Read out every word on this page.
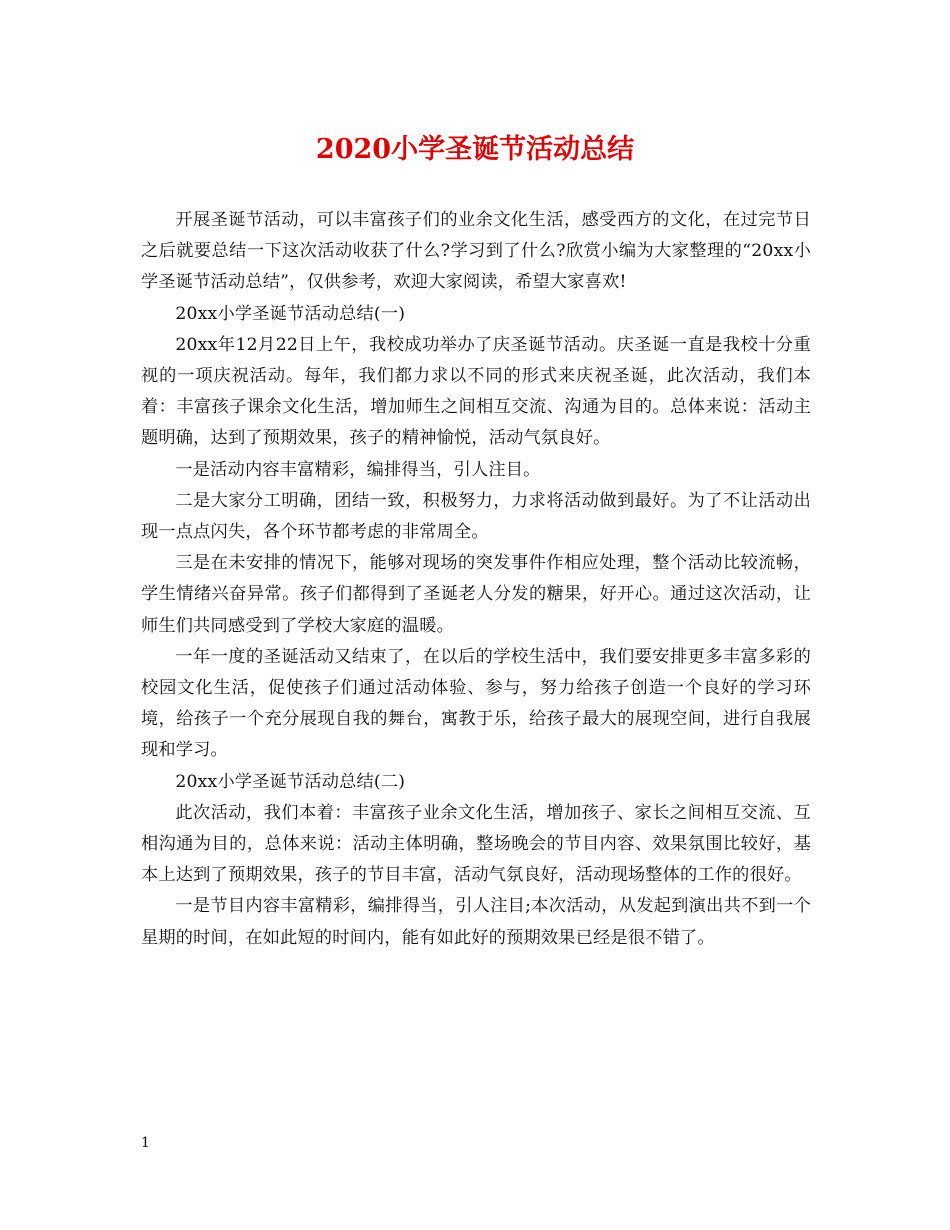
2020小学圣诞节活动总结

开展圣诞节活动，可以丰富孩子们的业余文化生活，感受西方的文化，在过完节日之后就要总结一下这次活动收获了什么?学习到了什么?欣赏小编为大家整理的“20xx小学圣诞节活动总结”，仅供参考，欢迎大家阅读，希望大家喜欢!

20xx小学圣诞节活动总结(一)

20xx年12月22日上午，我校成功举办了庆圣诞节活动。庆圣诞一直是我校十分重视的一项庆祝活动。每年，我们都力求以不同的形式来庆祝圣诞，此次活动，我们本着：丰富孩子课余文化生活，增加师生之间相互交流、沟通为目的。总体来说：活动主题明确，达到了预期效果，孩子的精神愉悦，活动气氛良好。

一是活动内容丰富精彩，编排得当，引人注目。

二是大家分工明确，团结一致，积极努力，力求将活动做到最好。为了不让活动出现一点点闪失，各个环节都考虑的非常周全。

三是在未安排的情况下，能够对现场的突发事件作相应处理，整个活动比较流畅，学生情绪兴奋异常。孩子们都得到了圣诞老人分发的糖果，好开心。通过这次活动，让师生们共同感受到了学校大家庭的温暖。

一年一度的圣诞活动又结束了，在以后的学校生活中，我们要安排更多丰富多彩的校园文化生活，促使孩子们通过活动体验、参与，努力给孩子创造一个良好的学习环境，给孩子一个充分展现自我的舞台，寓教于乐，给孩子最大的展现空间，进行自我展现和学习。

20xx小学圣诞节活动总结(二)

此次活动，我们本着：丰富孩子业余文化生活，增加孩子、家长之间相互交流、互相沟通为目的，总体来说：活动主体明确，整场晚会的节目内容、效果氛围比较好，基本上达到了预期效果，孩子的节目丰富，活动气氛良好，活动现场整体的工作的很好。

一是节目内容丰富精彩，编排得当，引人注目;本次活动，从发起到演出共不到一个星期的时间，在如此短的时间内，能有如此好的预期效果已经是很不错了。

1
